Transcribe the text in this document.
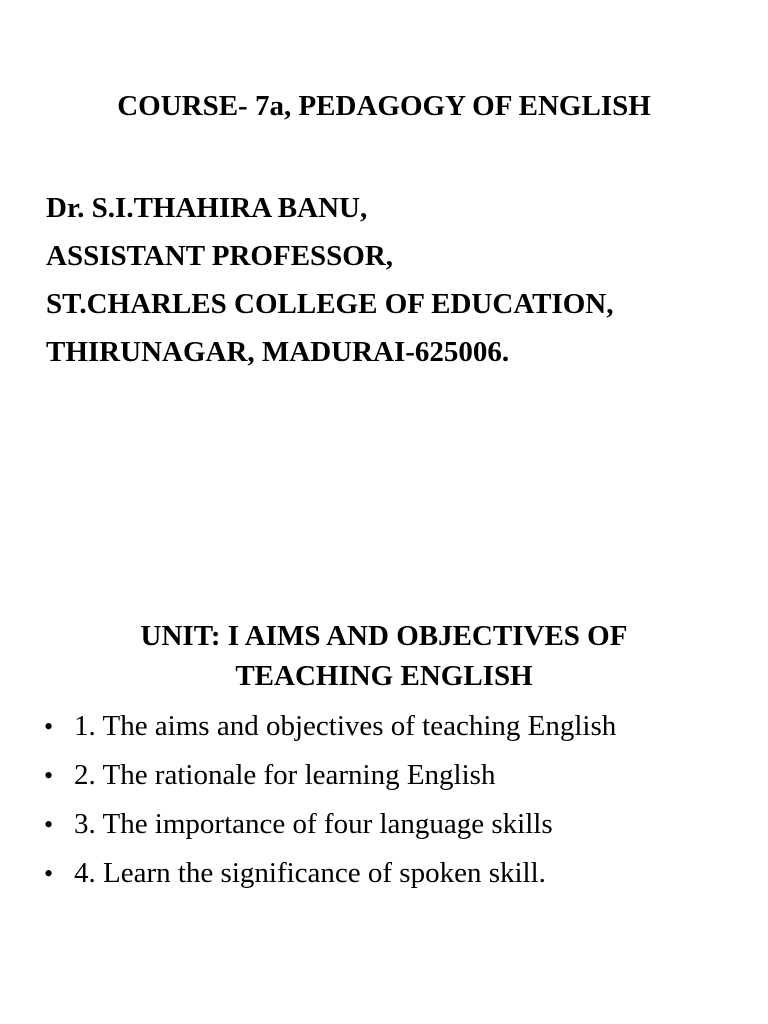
COURSE- 7a, PEDAGOGY OF ENGLISH
Dr. S.I.THAHIRA BANU,
ASSISTANT PROFESSOR,
ST.CHARLES COLLEGE OF EDUCATION,
THIRUNAGAR, MADURAI-625006.
UNIT: I AIMS AND OBJECTIVES OF
TEACHING ENGLISH
• 1. The aims and objectives of teaching English
• 2. The rationale for learning English
• 3. The importance of four language skills
• 4. Learn the significance of spoken skill.
